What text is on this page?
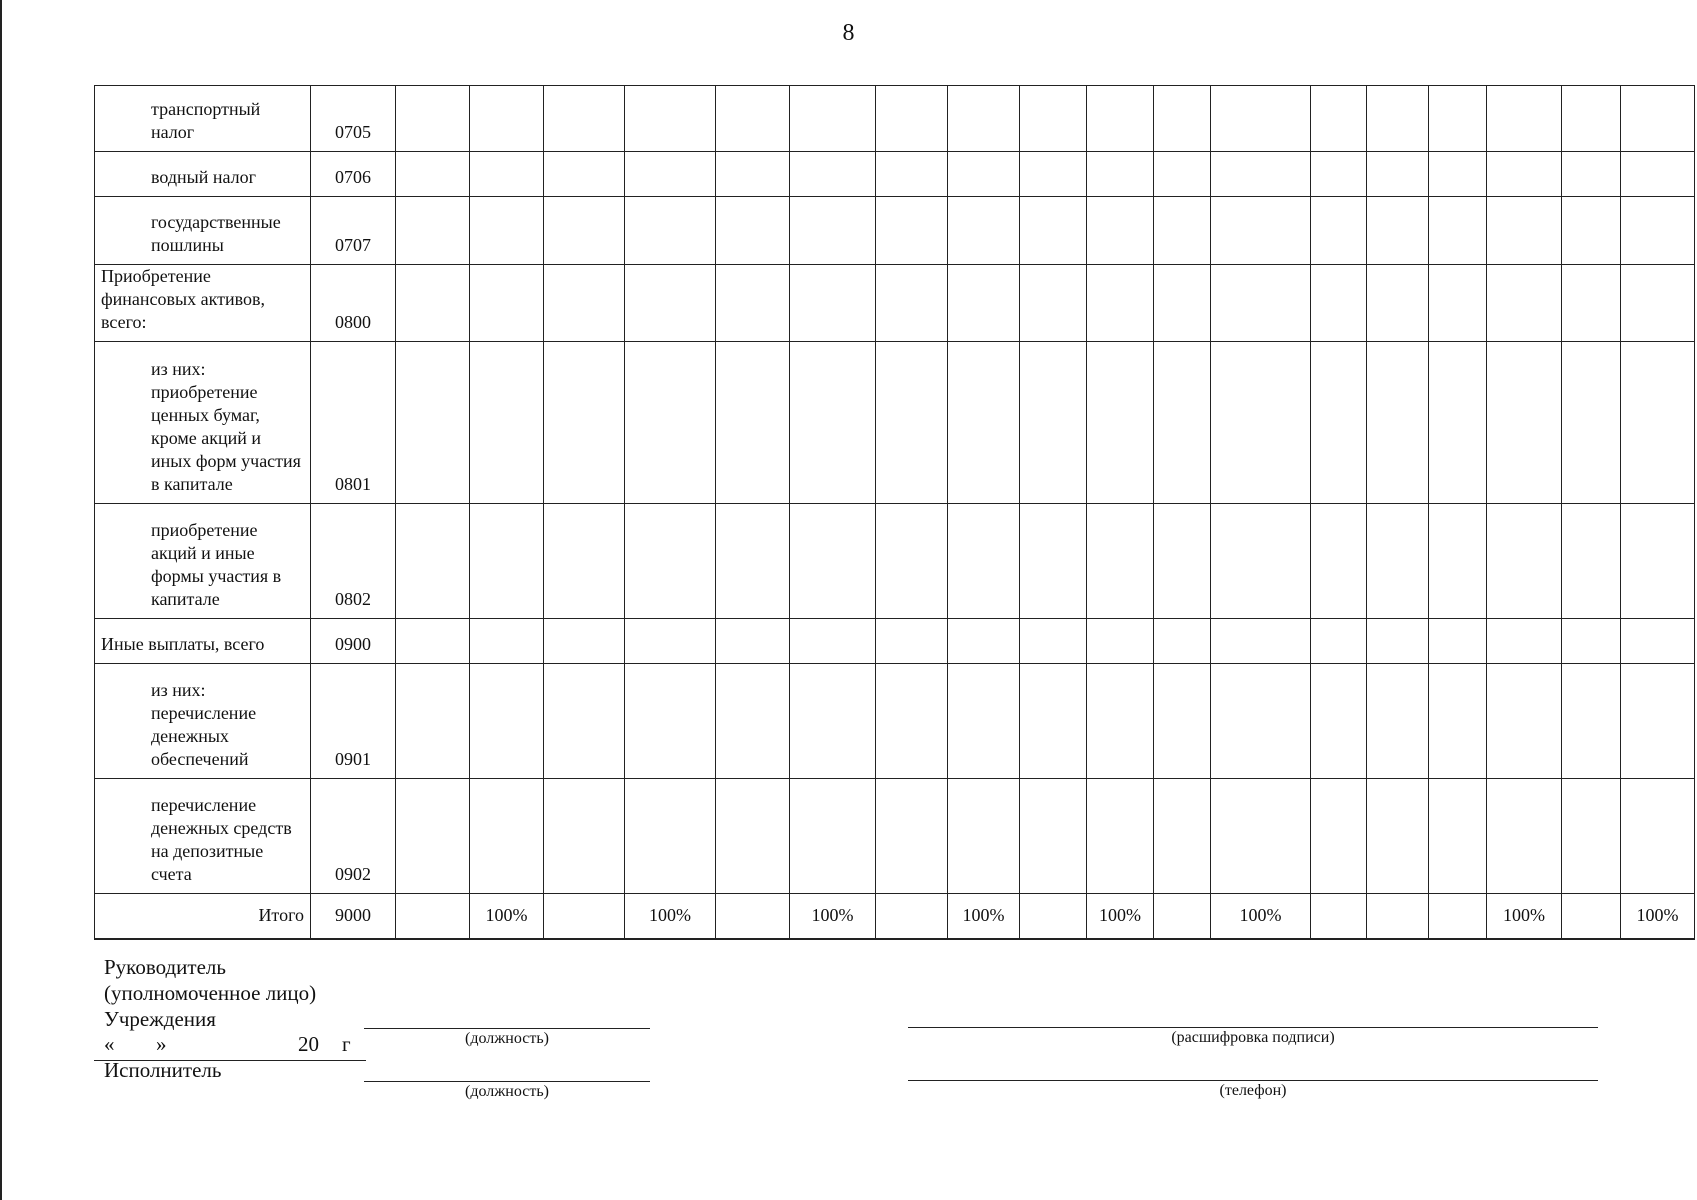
8
транспортный налог	0705																		
водный налог	0706																		
государственные пошлины	0707																		
Приобретение финансовых активов, всего:	0800																		
из них: приобретение ценных бумаг, кроме акций и иных форм участия в капитале	0801																		
приобретение акций и иные формы участия в капитале	0802																		
Иные выплаты, всего	0900																		
из них: перечисление денежных обеспечений	0901																		
перечисление денежных средств на депозитные счета	0902																		
Итого	9000		100%		100%		100%		100%		100%		100%				100%		100%
Руководитель (уполномоченное лицо) Учреждения
(должность)	(расшифровка подписи)
Исполнитель
(должность)	(телефон)
« »	20 г
